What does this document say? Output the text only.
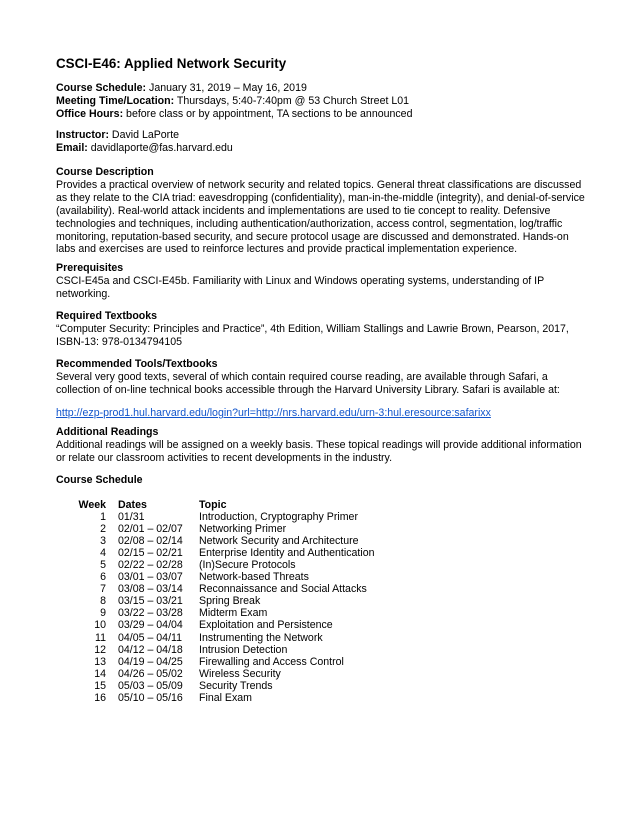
CSCI-E46: Applied Network Security
Course Schedule: January 31, 2019 – May 16, 2019
Meeting Time/Location: Thursdays, 5:40-7:40pm @ 53 Church Street L01
Office Hours: before class or by appointment, TA sections to be announced
Instructor: David LaPorte
Email: davidlaporte@fas.harvard.edu
Course Description
Provides a practical overview of network security and related topics. General threat classifications are discussed
as they relate to the CIA triad: eavesdropping (confidentiality), man-in-the-middle (integrity), and denial-of-service
(availability). Real-world attack incidents and implementations are used to tie concept to reality. Defensive
technologies and techniques, including authentication/authorization, access control, segmentation, log/traffic
monitoring, reputation-based security, and secure protocol usage are discussed and demonstrated. Hands-on
labs and exercises are used to reinforce lectures and provide practical implementation experience.
Prerequisites
CSCI-E45a and CSCI-E45b. Familiarity with Linux and Windows operating systems, understanding of IP
networking.
Required Textbooks
“Computer Security: Principles and Practice”, 4th Edition, William Stallings and Lawrie Brown, Pearson, 2017,
ISBN-13: 978-0134794105
Recommended Tools/Textbooks
Several very good texts, several of which contain required course reading, are available through Safari, a
collection of on-line technical books accessible through the Harvard University Library. Safari is available at:
http://ezp-prod1.hul.harvard.edu/login?url=http://nrs.harvard.edu/urn-3:hul.eresource:safarixx
Additional Readings
Additional readings will be assigned on a weekly basis. These topical readings will provide additional information
or relate our classroom activities to recent developments in the industry.
Course Schedule
Week Dates	Topic
1 01/31	Introduction, Cryptography Primer
2 02/01 – 02/07 Networking Primer
3 02/08 – 02/14 Network Security and Architecture
4 02/15 – 02/21 Enterprise Identity and Authentication
5 02/22 – 02/28 (In)Secure Protocols
6 03/01 – 03/07 Network-based Threats
7 03/08 – 03/14 Reconnaissance and Social Attacks
8 03/15 – 03/21 Spring Break
9 03/22 – 03/28 Midterm Exam
10 03/29 – 04/04 Exploitation and Persistence
11 04/05 – 04/11 Instrumenting the Network
12 04/12 – 04/18 Intrusion Detection
13 04/19 – 04/25 Firewalling and Access Control
14 04/26 – 05/02 Wireless Security
15 05/03 – 05/09 Security Trends
16 05/10 – 05/16 Final Exam
